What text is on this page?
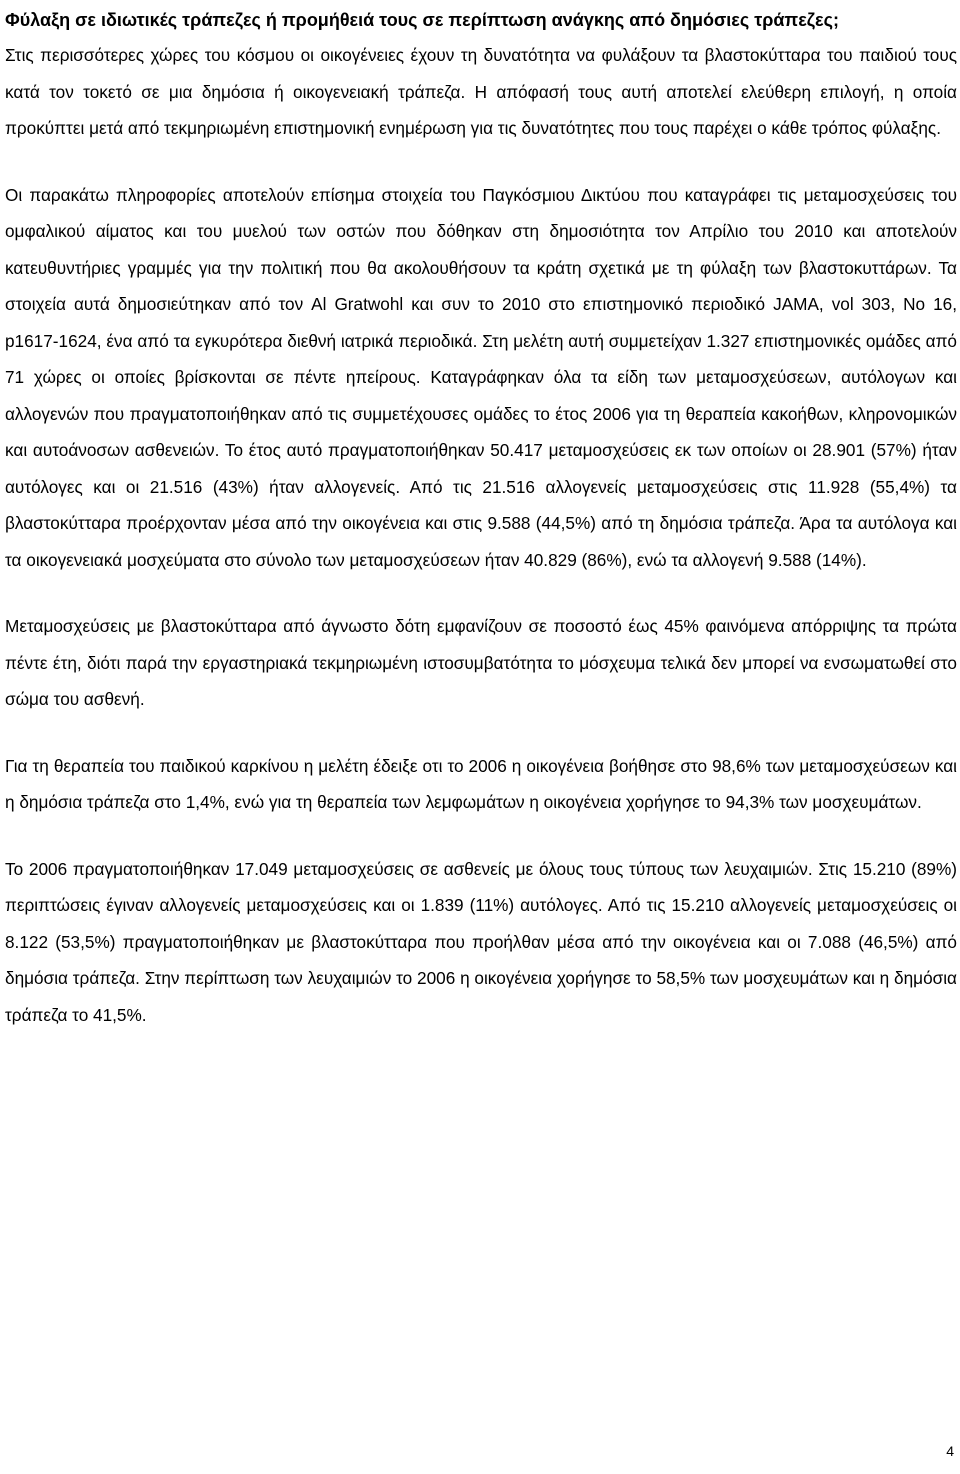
Φύλαξη σε ιδιωτικές τράπεζες ή προμήθειά τους σε περίπτωση ανάγκης από δημόσιες τράπεζες;

Στις περισσότερες χώρες του κόσμου οι οικογένειες έχουν τη δυνατότητα να φυλάξουν τα βλαστοκύτταρα του παιδιού τους κατά τον τοκετό σε μια δημόσια ή οικογενειακή τράπεζα. Η απόφασή τους αυτή αποτελεί ελεύθερη επιλογή, η οποία προκύπτει μετά από τεκμηριωμένη επιστημονική ενημέρωση για τις δυνατότητες που τους παρέχει ο κάθε τρόπος φύλαξης.

Οι παρακάτω πληροφορίες αποτελούν επίσημα στοιχεία του Παγκόσμιου Δικτύου που καταγράφει τις μεταμοσχεύσεις του ομφαλικού αίματος και του μυελού των οστών που δόθηκαν στη δημοσιότητα τον Απρίλιο του 2010 και αποτελούν κατευθυντήριες γραμμές για την πολιτική που θα ακολουθήσουν τα κράτη σχετικά με τη φύλαξη των βλαστοκυττάρων. Τα στοιχεία αυτά δημοσιεύτηκαν από τον Al Gratwohl και συν το 2010 στο επιστημονικό περιοδικό JAMA, vol 303, No 16, p1617-1624, ένα από τα εγκυρότερα διεθνή ιατρικά περιοδικά. Στη μελέτη αυτή συμμετείχαν 1.327 επιστημονικές ομάδες από 71 χώρες οι οποίες βρίσκονται σε πέντε ηπείρους. Καταγράφηκαν όλα τα είδη των μεταμοσχεύσεων, αυτόλογων και αλλογενών που πραγματοποιήθηκαν από τις συμμετέχουσες ομάδες το έτος 2006 για τη θεραπεία κακοήθων, κληρονομικών και αυτοάνοσων ασθενειών. Το έτος αυτό πραγματοποιήθηκαν 50.417 μεταμοσχεύσεις εκ των οποίων οι 28.901 (57%) ήταν αυτόλογες και οι 21.516 (43%) ήταν αλλογενείς. Από τις 21.516 αλλογενείς μεταμοσχεύσεις στις 11.928 (55,4%) τα βλαστοκύτταρα προέρχονταν μέσα από την οικογένεια και στις 9.588 (44,5%) από τη δημόσια τράπεζα. Άρα τα αυτόλογα και τα οικογενειακά μοσχεύματα στο σύνολο των μεταμοσχεύσεων ήταν 40.829 (86%), ενώ τα αλλογενή 9.588 (14%).

Μεταμοσχεύσεις με βλαστοκύτταρα από άγνωστο δότη εμφανίζουν σε ποσοστό έως 45% φαινόμενα απόρριψης τα πρώτα πέντε έτη, διότι παρά την εργαστηριακά τεκμηριωμένη ιστοσυμβατότητα το μόσχευμα τελικά δεν μπορεί να ενσωματωθεί στο σώμα του ασθενή.

Για τη θεραπεία του παιδικού καρκίνου η μελέτη έδειξε οτι το 2006 η οικογένεια βοήθησε στο 98,6% των μεταμοσχεύσεων και η δημόσια τράπεζα στο 1,4%, ενώ για τη θεραπεία των λεμφωμάτων η οικογένεια χορήγησε το 94,3% των μοσχευμάτων.

Το 2006 πραγματοποιήθηκαν 17.049 μεταμοσχεύσεις σε ασθενείς με όλους τους τύπους των λευχαιμιών. Στις 15.210 (89%) περιπτώσεις έγιναν αλλογενείς μεταμοσχεύσεις και οι 1.839 (11%) αυτόλογες. Από τις 15.210 αλλογενείς μεταμοσχεύσεις οι 8.122 (53,5%) πραγματοποιήθηκαν με βλαστοκύτταρα που προήλθαν μέσα από την οικογένεια και οι 7.088 (46,5%) από δημόσια τράπεζα. Στην περίπτωση των λευχαιμιών το 2006 η οικογένεια χορήγησε το 58,5% των μοσχευμάτων και η δημόσια τράπεζα το 41,5%.

4
